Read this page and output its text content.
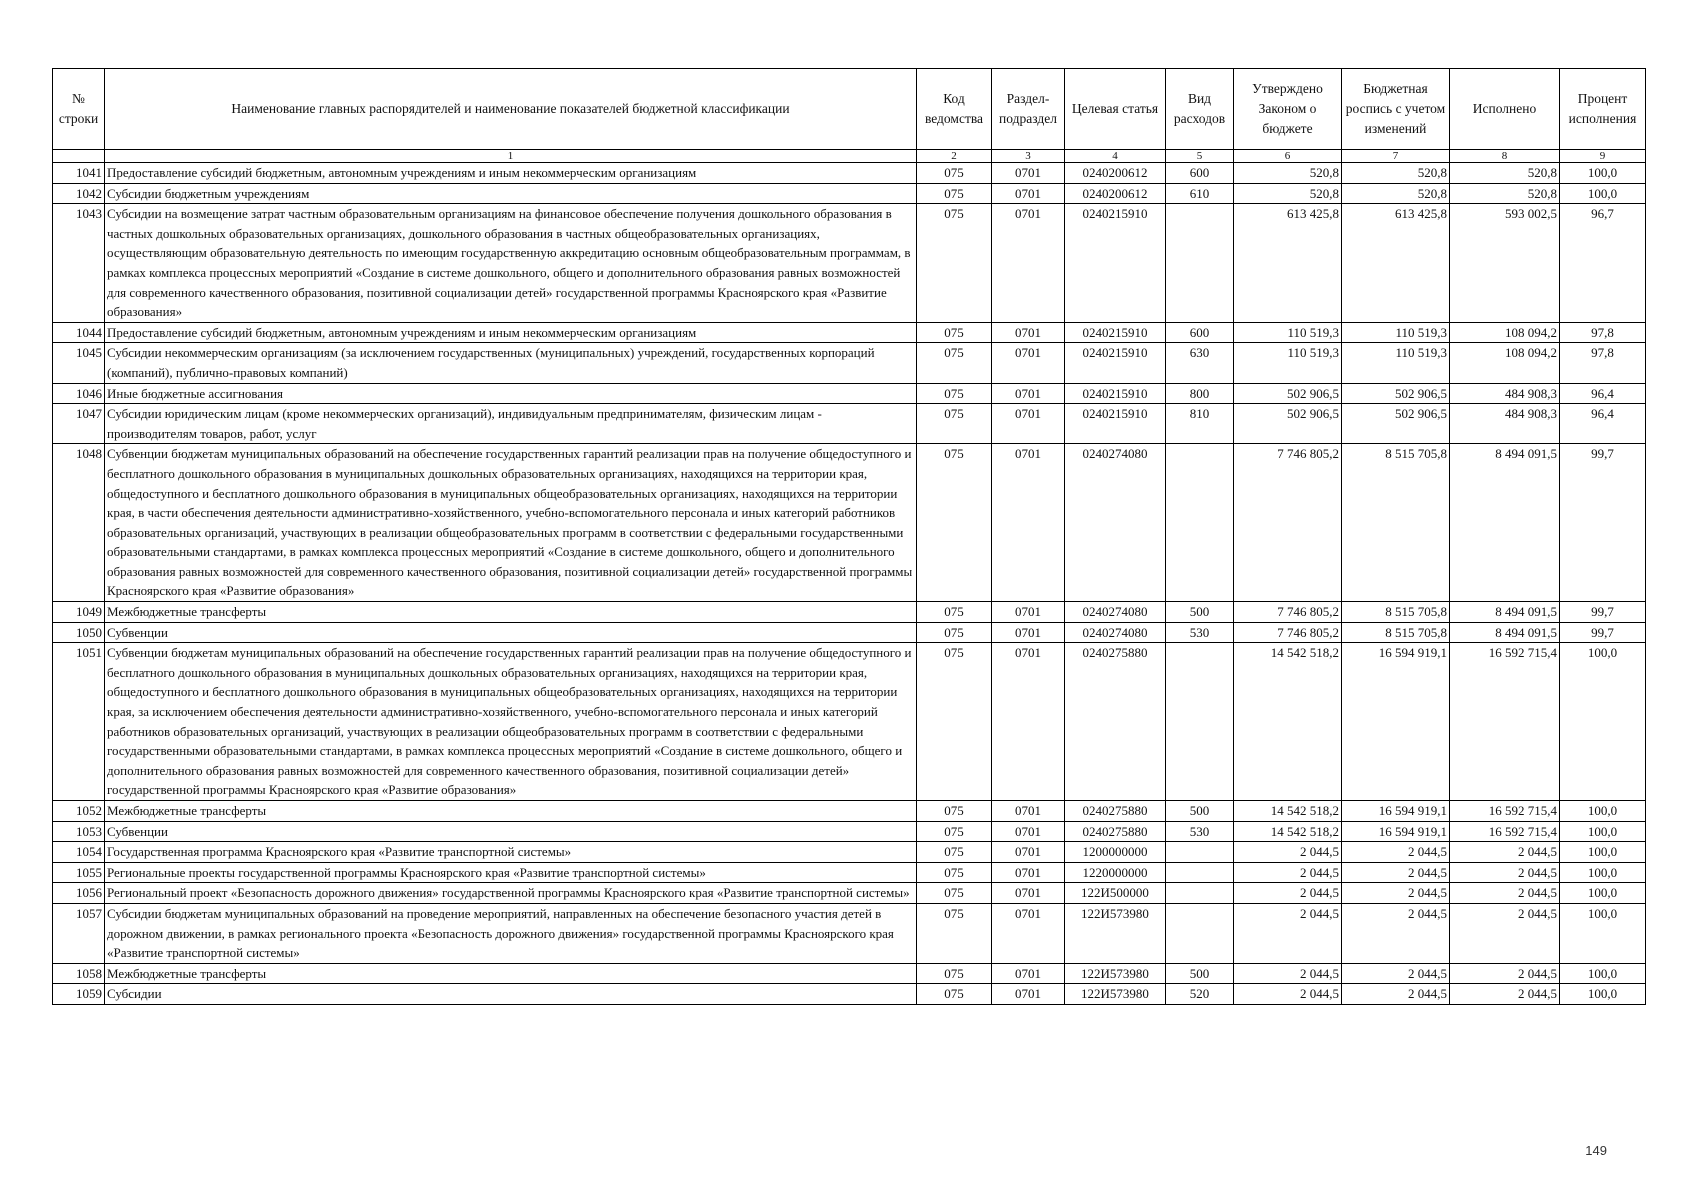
№ строки	Наименование главных распорядителей и наименование показателей бюджетной классификации	Код ведомства	Раздел-подраздел	Целевая статья	Вид расходов	Утверждено Законом о бюджете	Бюджетная роспись с учетом изменений	Исполнено	Процент исполнения
	1	2	3	4	5	6	7	8	9
1041	Предоставление субсидий бюджетным, автономным учреждениям и иным некоммерческим организациям	075	0701	0240200612	600	520,8	520,8	520,8	100,0
1042	Субсидии бюджетным учреждениям	075	0701	0240200612	610	520,8	520,8	520,8	100,0
1043	Субсидии на возмещение затрат частным образовательным организациям на финансовое обеспечение получения дошкольного образования в частных дошкольных образовательных организациях, дошкольного образования в частных общеобразовательных организациях, осуществляющим образовательную деятельность по имеющим государственную аккредитацию основным общеобразовательным программам, в рамках комплекса процессных мероприятий «Создание в системе дошкольного, общего и дополнительного образования равных возможностей для современного качественного образования, позитивной социализации детей» государственной программы Красноярского края «Развитие образования»	075	0701	0240215910		613 425,8	613 425,8	593 002,5	96,7
1044	Предоставление субсидий бюджетным, автономным учреждениям и иным некоммерческим организациям	075	0701	0240215910	600	110 519,3	110 519,3	108 094,2	97,8
1045	Субсидии некоммерческим организациям (за исключением государственных (муниципальных) учреждений, государственных корпораций (компаний), публично-правовых компаний)	075	0701	0240215910	630	110 519,3	110 519,3	108 094,2	97,8
1046	Иные бюджетные ассигнования	075	0701	0240215910	800	502 906,5	502 906,5	484 908,3	96,4
1047	Субсидии юридическим лицам (кроме некоммерческих организаций), индивидуальным предпринимателям, физическим лицам - производителям товаров, работ, услуг	075	0701	0240215910	810	502 906,5	502 906,5	484 908,3	96,4
1048	Субвенции бюджетам муниципальных образований на обеспечение государственных гарантий реализации прав на получение общедоступного и бесплатного дошкольного образования в муниципальных дошкольных образовательных организациях, находящихся на территории края, общедоступного и бесплатного дошкольного образования в муниципальных общеобразовательных организациях, находящихся на территории края, в части обеспечения деятельности административно-хозяйственного, учебно-вспомогательного персонала и иных категорий работников образовательных организаций, участвующих в реализации общеобразовательных программ в соответствии с федеральными государственными образовательными стандартами, в рамках комплекса процессных мероприятий «Создание в системе дошкольного, общего и дополнительного образования равных возможностей для современного качественного образования, позитивной социализации детей» государственной программы Красноярского края «Развитие образования»	075	0701	0240274080		7 746 805,2	8 515 705,8	8 494 091,5	99,7
1049	Межбюджетные трансферты	075	0701	0240274080	500	7 746 805,2	8 515 705,8	8 494 091,5	99,7
1050	Субвенции	075	0701	0240274080	530	7 746 805,2	8 515 705,8	8 494 091,5	99,7
1051	Субвенции бюджетам муниципальных образований на обеспечение государственных гарантий реализации прав на получение общедоступного и бесплатного дошкольного образования в муниципальных дошкольных образовательных организациях, находящихся на территории края, общедоступного и бесплатного дошкольного образования в муниципальных общеобразовательных организациях, находящихся на территории края, за исключением обеспечения деятельности административно-хозяйственного, учебно-вспомогательного персонала и иных категорий работников образовательных организаций, участвующих в реализации общеобразовательных программ в соответствии с федеральными государственными образовательными стандартами, в рамках комплекса процессных мероприятий «Создание в системе дошкольного, общего и дополнительного образования равных возможностей для современного качественного образования, позитивной социализации детей» государственной программы Красноярского края «Развитие образования»	075	0701	0240275880		14 542 518,2	16 594 919,1	16 592 715,4	100,0
1052	Межбюджетные трансферты	075	0701	0240275880	500	14 542 518,2	16 594 919,1	16 592 715,4	100,0
1053	Субвенции	075	0701	0240275880	530	14 542 518,2	16 594 919,1	16 592 715,4	100,0
1054	Государственная программа Красноярского края «Развитие транспортной системы»	075	0701	1200000000		2 044,5	2 044,5	2 044,5	100,0
1055	Региональные проекты государственной программы Красноярского края «Развитие транспортной системы»	075	0701	1220000000		2 044,5	2 044,5	2 044,5	100,0
1056	Региональный проект «Безопасность дорожного движения» государственной программы Красноярского края «Развитие транспортной системы»	075	0701	122И500000		2 044,5	2 044,5	2 044,5	100,0
1057	Субсидии бюджетам муниципальных образований на проведение мероприятий, направленных на обеспечение безопасного участия детей в дорожном движении, в рамках регионального проекта «Безопасность дорожного движения» государственной программы Красноярского края «Развитие транспортной системы»	075	0701	122И573980		2 044,5	2 044,5	2 044,5	100,0
1058	Межбюджетные трансферты	075	0701	122И573980	500	2 044,5	2 044,5	2 044,5	100,0
1059	Субсидии	075	0701	122И573980	520	2 044,5	2 044,5	2 044,5	100,0
149
